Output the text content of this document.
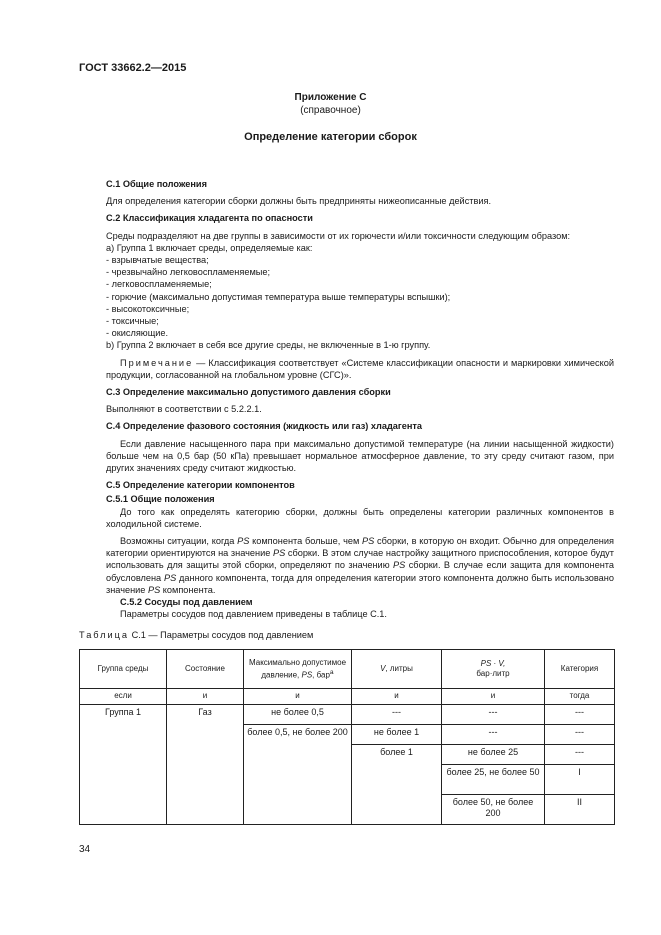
ГОСТ 33662.2—2015
Приложение С
(справочное)
Определение категории сборок

С.1 Общие положения

Для определения категории сборки должны быть предприняты нижеописанные действия.

С.2 Классификация хладагента по опасности

Среды подразделяют на две группы в зависимости от их горючести и/или токсичности следующим образом:

а) Группа 1 включает среды, определяемые как:

- взрывчатые вещества;

- чрезвычайно легковоспламеняемые;

- легковоспламеняемые;

- горючие (максимально допустимая температура выше температуры вспышки);

- высокотоксичные;

- токсичные;

- окисляющие.

b) Группа 2 включает в себя все другие среды, не включенные в 1-ю группу.

Примечание — Классификация соответствует «Системе классификации опасности и маркировки химической продукции, согласованной на глобальном уровне (СГС)».

С.3 Определение максимально допустимого давления сборки

Выполняют в соответствии с 5.2.2.1.

С.4 Определение фазового состояния (жидкость или газ) хладагента

Если давление насыщенного пара при максимально допустимой температуре (на линии насыщенной жидкости) больше чем на 0,5 бар (50 кПа) превышает нормальное атмосферное давление, то эту среду считают газом, при других значениях среду считают жидкостью.

С.5 Определение категории компонентов

С.5.1 Общие положения

До того как определять категорию сборки, должны быть определены категории различных компонентов в холодильной системе.

Возможны ситуации, когда PS компонента больше, чем PS сборки, в которую он входит. Обычно для определения категории ориентируются на значение PS сборки. В этом случае настройку защитного приспособления, которое будут использовать для защиты этой сборки, определяют по значению PS сборки. В случае если защита для компонента обусловлена PS данного компонента, тогда для определения категории этого компонента должно быть использовано значение PS компонента.

С.5.2 Сосуды под давлением

Параметры сосудов под давлением приведены в таблице С.1.

Таблица С.1 — Параметры сосудов под давлением
Группа среды	Состояние	Максимально допустимое давление, PS, бар$^а$	V, литры	PS · V,
бар·литр	Категория
если	и	и	и	и	тогда
Группа 1	Газ	не более 0,5	---	---	---
		более 0,5, не более 200	не более 1	---	---
			более 1	не более 25	---
				более 25, не более 50	I
				более 50, не более 200	II
34
